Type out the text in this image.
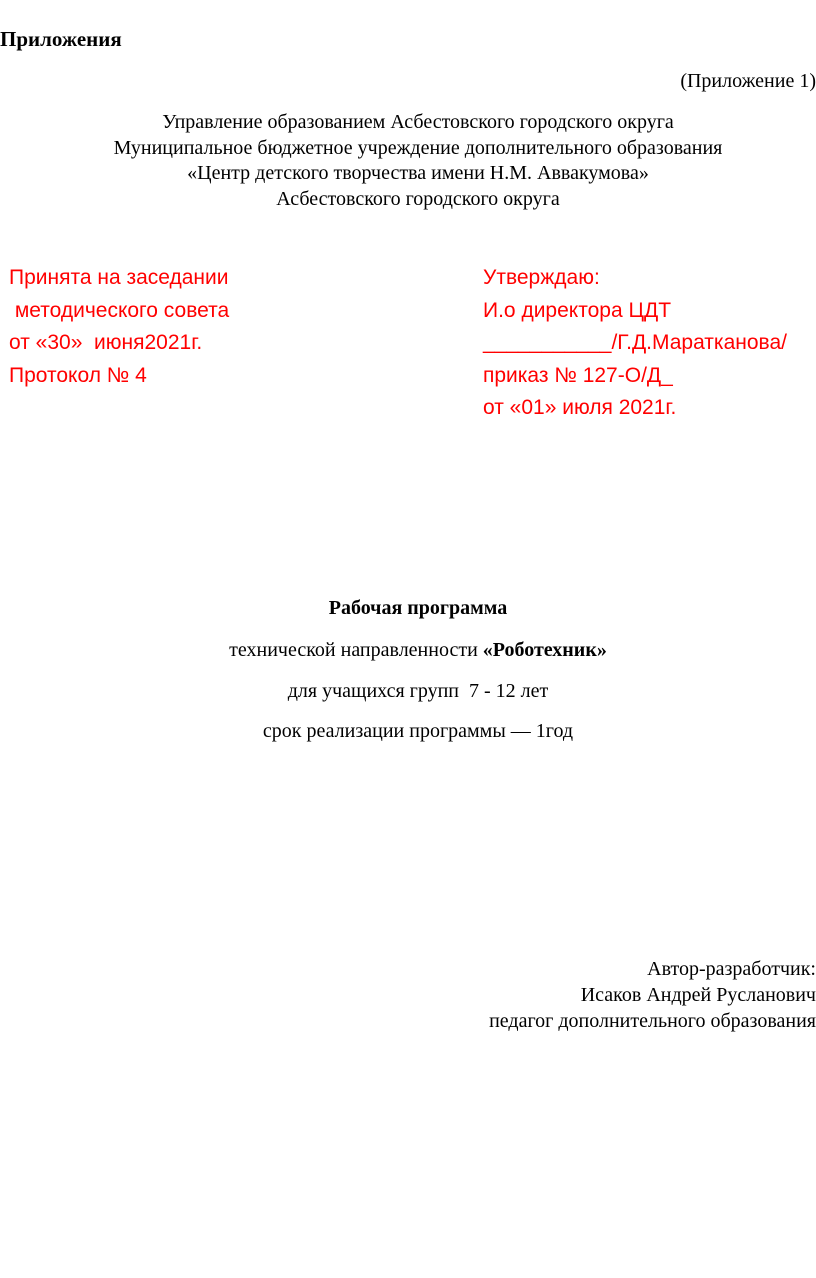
Приложения
(Приложение 1)
Управление образованием Асбестовского городского округа
Муниципальное бюджетное учреждение дополнительного образования
«Центр детского творчества имени Н.М. Аввакумова»
Асбестовского городского округа
Принята на заседании
методического совета
от «30»  июня2021г.
Протокол № 4
Утверждаю:
И.о директора ЦДТ
___________/Г.Д.Маратканова/
приказ № 127-О/Д_
от «01» июля 2021г.
Рабочая программа
технической направленности «Роботехник»
для учащихся групп  7 - 12 лет
срок реализации программы — 1год
Автор-разработчик:
Исаков Андрей Русланович
педагог дополнительного образования
